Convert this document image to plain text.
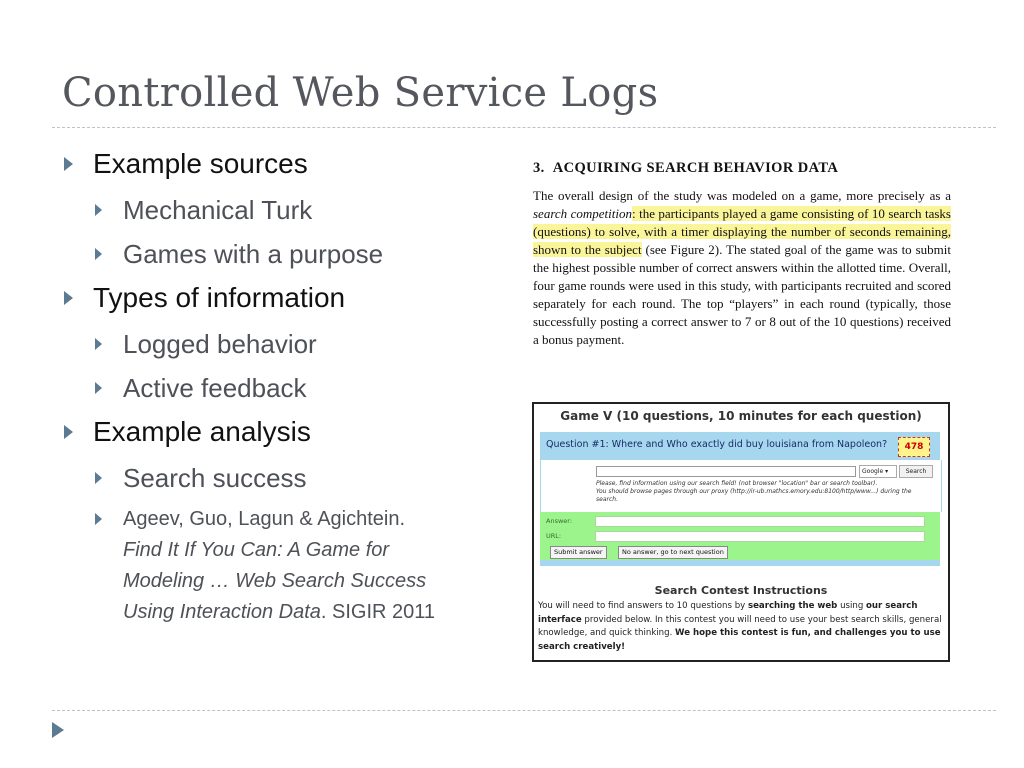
Controlled Web Service Logs
Example sources
Mechanical Turk
Games with a purpose
Types of information
Logged behavior
Active feedback
Example analysis
Search success
Ageev, Guo, Lagun & Agichtein.
Find It If You Can: A Game for
Modeling … Web Search Success
Using Interaction Data. SIGIR 2011
3.  ACQUIRING SEARCH BEHAVIOR DATA
The overall design of the study was modeled on a game, more precisely as a search competition: the participants played a game consisting of 10 search tasks (questions) to solve, with a timer displaying the number of seconds remaining, shown to the subject (see Figure 2). The stated goal of the game was to submit the highest possible number of correct answers within the allotted time. Overall, four game rounds were used in this study, with participants recruited and scored separately for each round. The top “players” in each round (typically, those successfully posting a correct answer to 7 or 8 out of the 10 questions) received a bonus payment.
Game V (10 questions, 10 minutes for each question)
Question #1: Where and Who exactly did buy louisiana from Napoleon?	478
Google ▾	Search
Please, find information using our search field! (not browser "location" bar or search toolbar).
You should browse pages through our proxy (http://ir-ub.mathcs.emory.edu:8100/http/www...) during the search.
Answer:
URL:
Submit answer	No answer, go to next question
Search Contest Instructions
You will need to find answers to 10 questions by searching the web using our search interface provided below. In this contest you will need to use your best search skills, general knowledge, and quick thinking. We hope this contest is fun, and challenges you to use search creatively!
